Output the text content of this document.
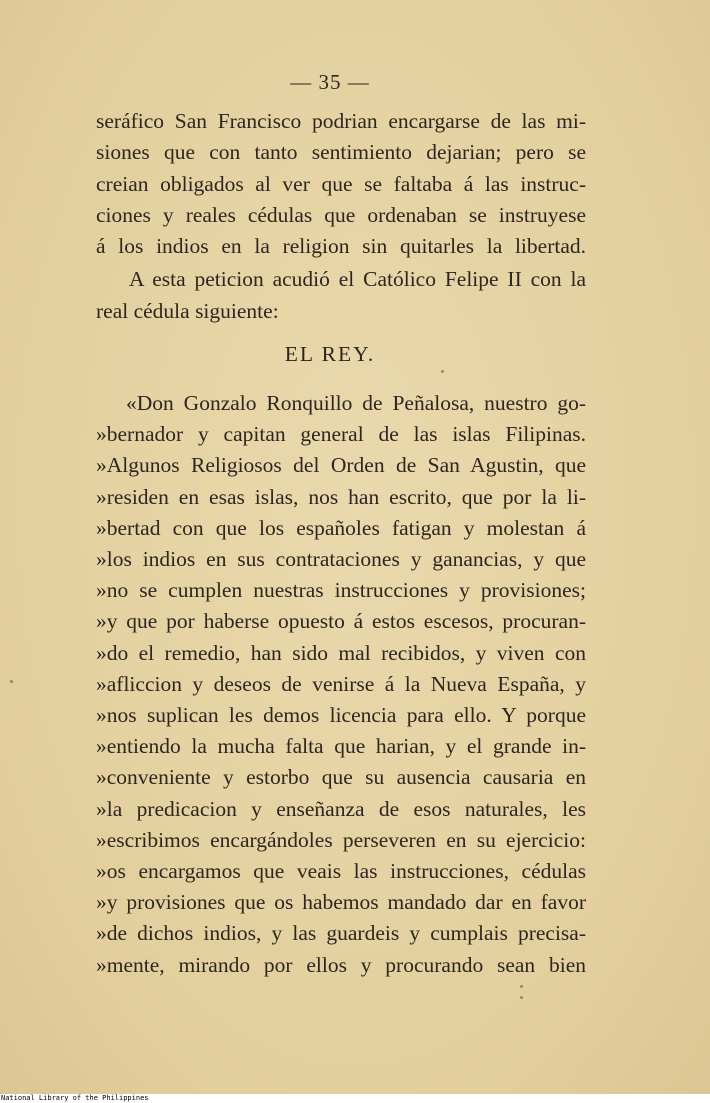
— 35 —
seráfico San Francisco podrian encargarse de las mi-
siones que con tanto sentimiento dejarian; pero se
creian obligados al ver que se faltaba á las instruc-
ciones y reales cédulas que ordenaban se instruyese
á los indios en la religion sin quitarles la libertad.
A esta peticion acudió el Católico Felipe II con la
real cédula siguiente:
EL REY.
«Don Gonzalo Ronquillo de Peñalosa, nuestro go-
»bernador y capitan general de las islas Filipinas.
»Algunos Religiosos del Orden de San Agustin, que
»residen en esas islas, nos han escrito, que por la li-
»bertad con que los españoles fatigan y molestan á
»los indios en sus contrataciones y ganancias, y que
»no se cumplen nuestras instrucciones y provisiones;
»y que por haberse opuesto á estos escesos, procuran-
»do el remedio, han sido mal recibidos, y viven con
»afliccion y deseos de venirse á la Nueva España, y
»nos suplican les demos licencia para ello. Y porque
»entiendo la mucha falta que harian, y el grande in-
»conveniente y estorbo que su ausencia causaria en
»la predicacion y enseñanza de esos naturales, les
»escribimos encargándoles perseveren en su ejercicio:
»os encargamos que veais las instrucciones, cédulas
»y provisiones que os habemos mandado dar en favor
»de dichos indios, y las guardeis y cumplais precisa-
»mente, mirando por ellos y procurando sean bien
National Library of the Philippines
